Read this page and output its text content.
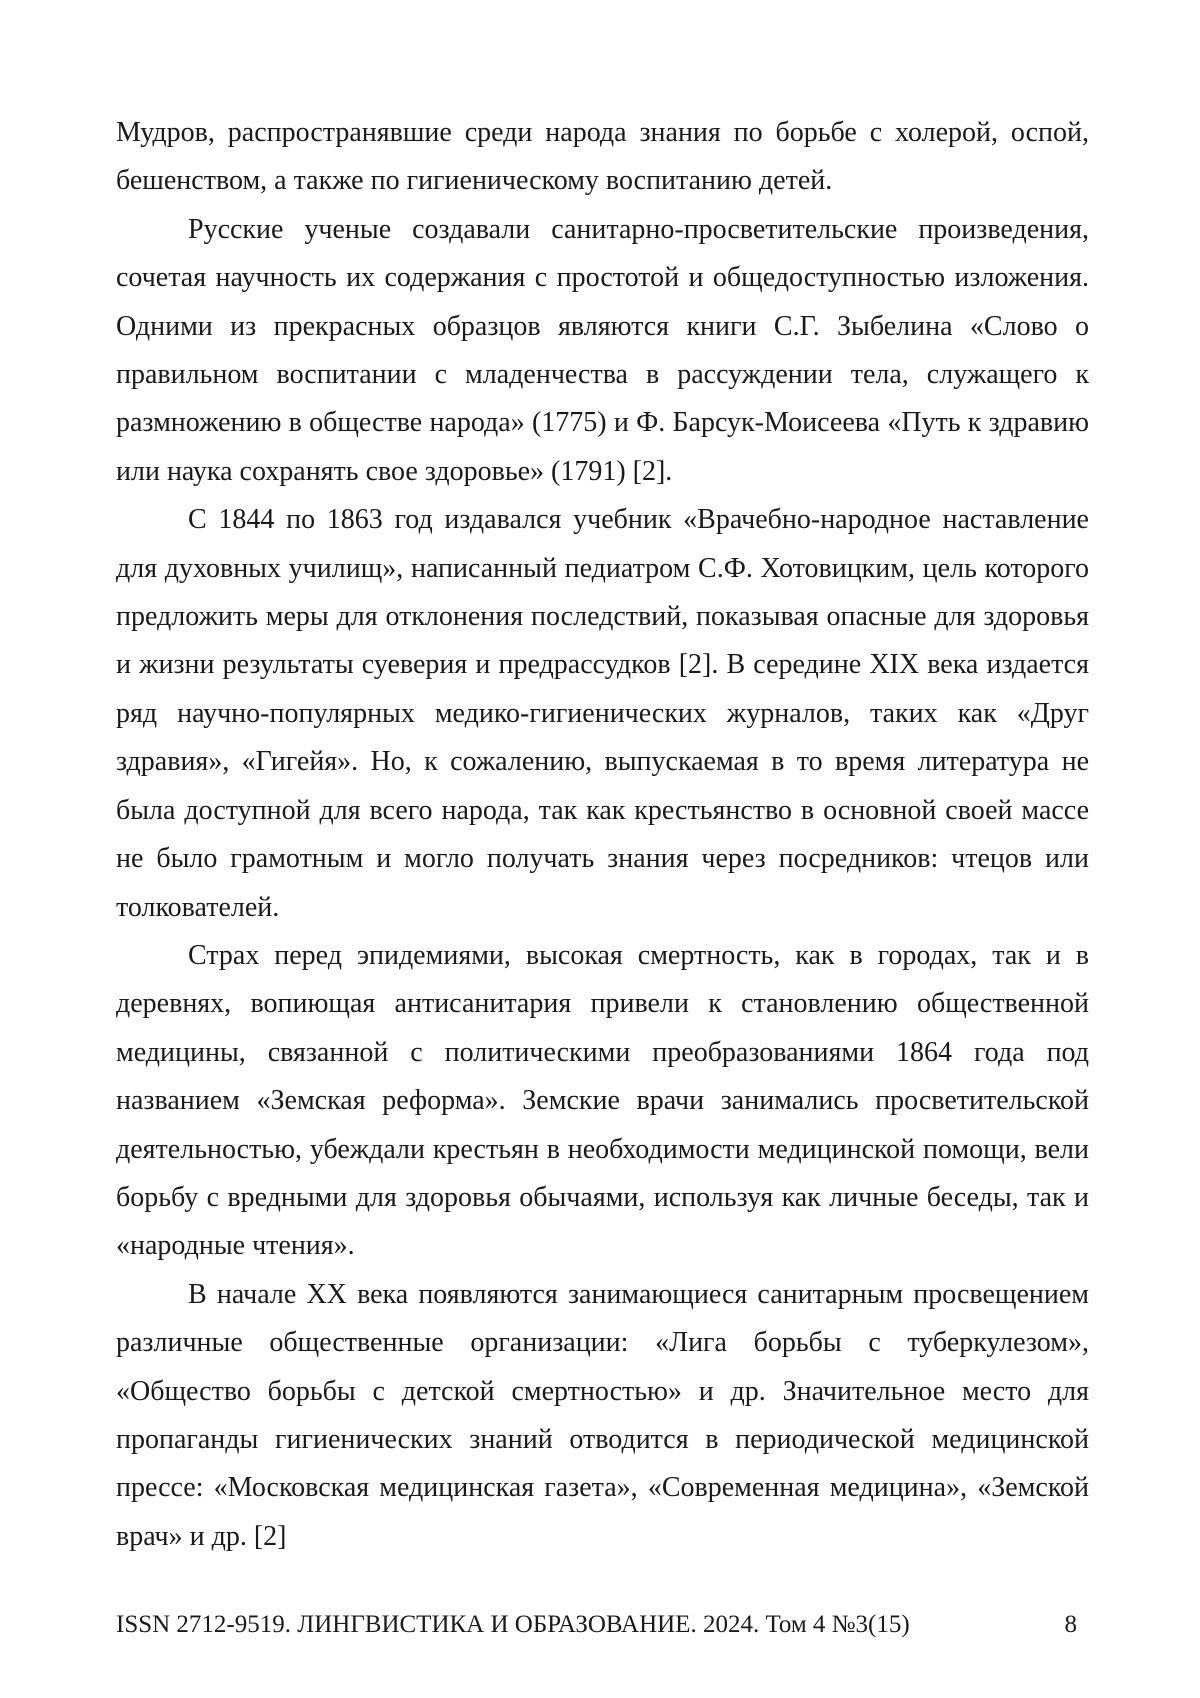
Мудров, распространявшие среди народа знания по борьбе с холерой, оспой, бешенством, а также по гигиеническому воспитанию детей.

Русские ученые создавали санитарно-просветительские произведения, сочетая научность их содержания с простотой и общедоступностью изложения. Одними из прекрасных образцов являются книги С.Г. Зыбелина «Слово о правильном воспитании с младенчества в рассуждении тела, служащего к размножению в обществе народа» (1775) и Ф. Барсук-Моисеева «Путь к здравию или наука сохранять свое здоровье» (1791) [2].

С 1844 по 1863 год издавался учебник «Врачебно-народное наставление для духовных училищ», написанный педиатром С.Ф. Хотовицким, цель которого предложить меры для отклонения последствий, показывая опасные для здоровья и жизни результаты суеверия и предрассудков [2]. В середине XIX века издается ряд научно-популярных медико-гигиенических журналов, таких как «Друг здравия», «Гигейя». Но, к сожалению, выпускаемая в то время литература не была доступной для всего народа, так как крестьянство в основной своей массе не было грамотным и могло получать знания через посредников: чтецов или толкователей.

Страх перед эпидемиями, высокая смертность, как в городах, так и в деревнях, вопиющая антисанитария привели к становлению общественной медицины, связанной с политическими преобразованиями 1864 года под названием «Земская реформа». Земские врачи занимались просветительской деятельностью, убеждали крестьян в необходимости медицинской помощи, вели борьбу с вредными для здоровья обычаями, используя как личные беседы, так и «народные чтения».

В начале XX века появляются занимающиеся санитарным просвещением различные общественные организации: «Лига борьбы с туберкулезом», «Общество борьбы с детской смертностью» и др. Значительное место для пропаганды гигиенических знаний отводится в периодической медицинской прессе: «Московская медицинская газета», «Современная медицина», «Земской врач» и др. [2]

ISSN 2712-9519. ЛИНГВИСТИКА И ОБРАЗОВАНИЕ. 2024. Том 4 №3(15)	8
